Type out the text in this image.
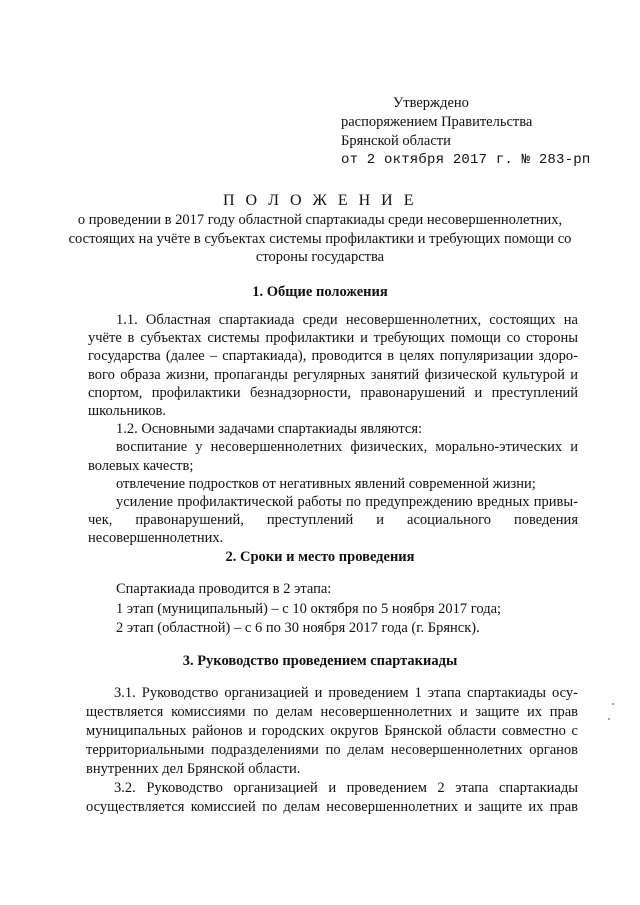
Утверждено
распоряжением Правительства
Брянской области
от 2 октября 2017 г. № 283-рп
П О Л О Ж Е Н И Е

о проведении в 2017 году областной спартакиады среди несовершеннолетних, состоящих на учёте в субъектах системы профилактики и требующих помощи со стороны государства

1. Общие положения

1.1. Областная спартакиада среди несовершеннолетних, состоящих на учёте в субъектах системы профилактики и требующих помощи со стороны государства (далее – спартакиада), проводится в целях популяризации здорового образа жизни, пропаганды регулярных занятий физической культурой и спортом, профилактики безнадзорности, правонарушений и преступлений школьников.

1.2. Основными задачами спартакиады являются:

воспитание у несовершеннолетних физических, морально-этических и волевых качеств;

отвлечение подростков от негативных явлений современной жизни;

усиление профилактической работы по предупреждению вредных привычек, правонарушений, преступлений и асоциального поведения несовершеннолетних.

2. Сроки и место проведения

Спартакиада проводится в 2 этапа:

1 этап (муниципальный) – с 10 октября по 5 ноября 2017 года;

2 этап (областной) – с 6 по 30 ноября 2017 года (г. Брянск).

3. Руководство проведением спартакиады

3.1. Руководство организацией и проведением 1 этапа спартакиады осуществляется комиссиями по делам несовершеннолетних и защите их прав муниципальных районов и городских округов Брянской области совместно с территориальными подразделениями по делам несовершеннолетних органов внутренних дел Брянской области.

3.2. Руководство организацией и проведением 2 этапа спартакиады осуществляется комиссией по делам несовершеннолетних и защите их прав
